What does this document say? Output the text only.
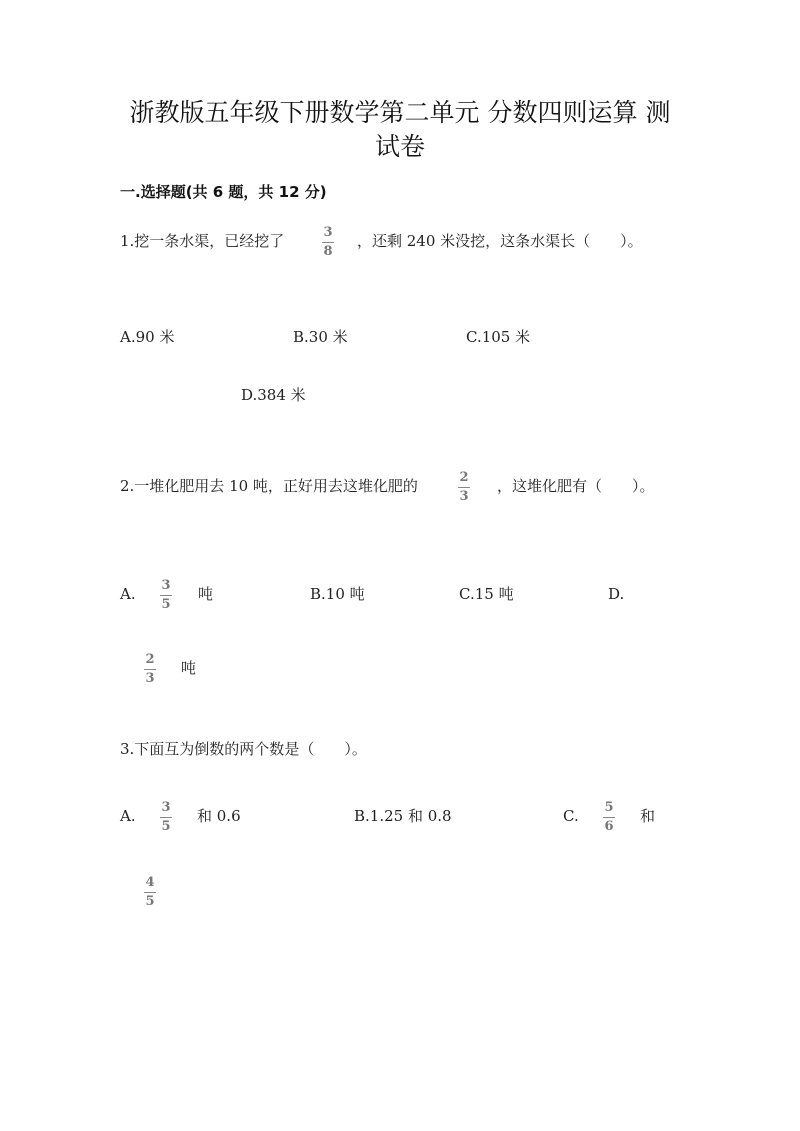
浙教版五年级下册数学第二单元 分数四则运算 测
试卷
一.选择题(共 6 题，共 12 分)
1.挖一条水渠，已经挖了	3
8
，还剩 240 米没挖，这条水渠长（　　）。
A.90 米	B.30 米	C.105 米
D.384 米
2.一堆化肥用去 10 吨，正好用去这堆化肥的	2
3
，这堆化肥有（　　）。
A. 3
5
吨	B.10 吨	C.15 吨	D.
2
3
吨
3.下面互为倒数的两个数是（　　）。
A. 3
5
和 0.6	B.1.25 和 0.8	C. 5
6
和
4
5
